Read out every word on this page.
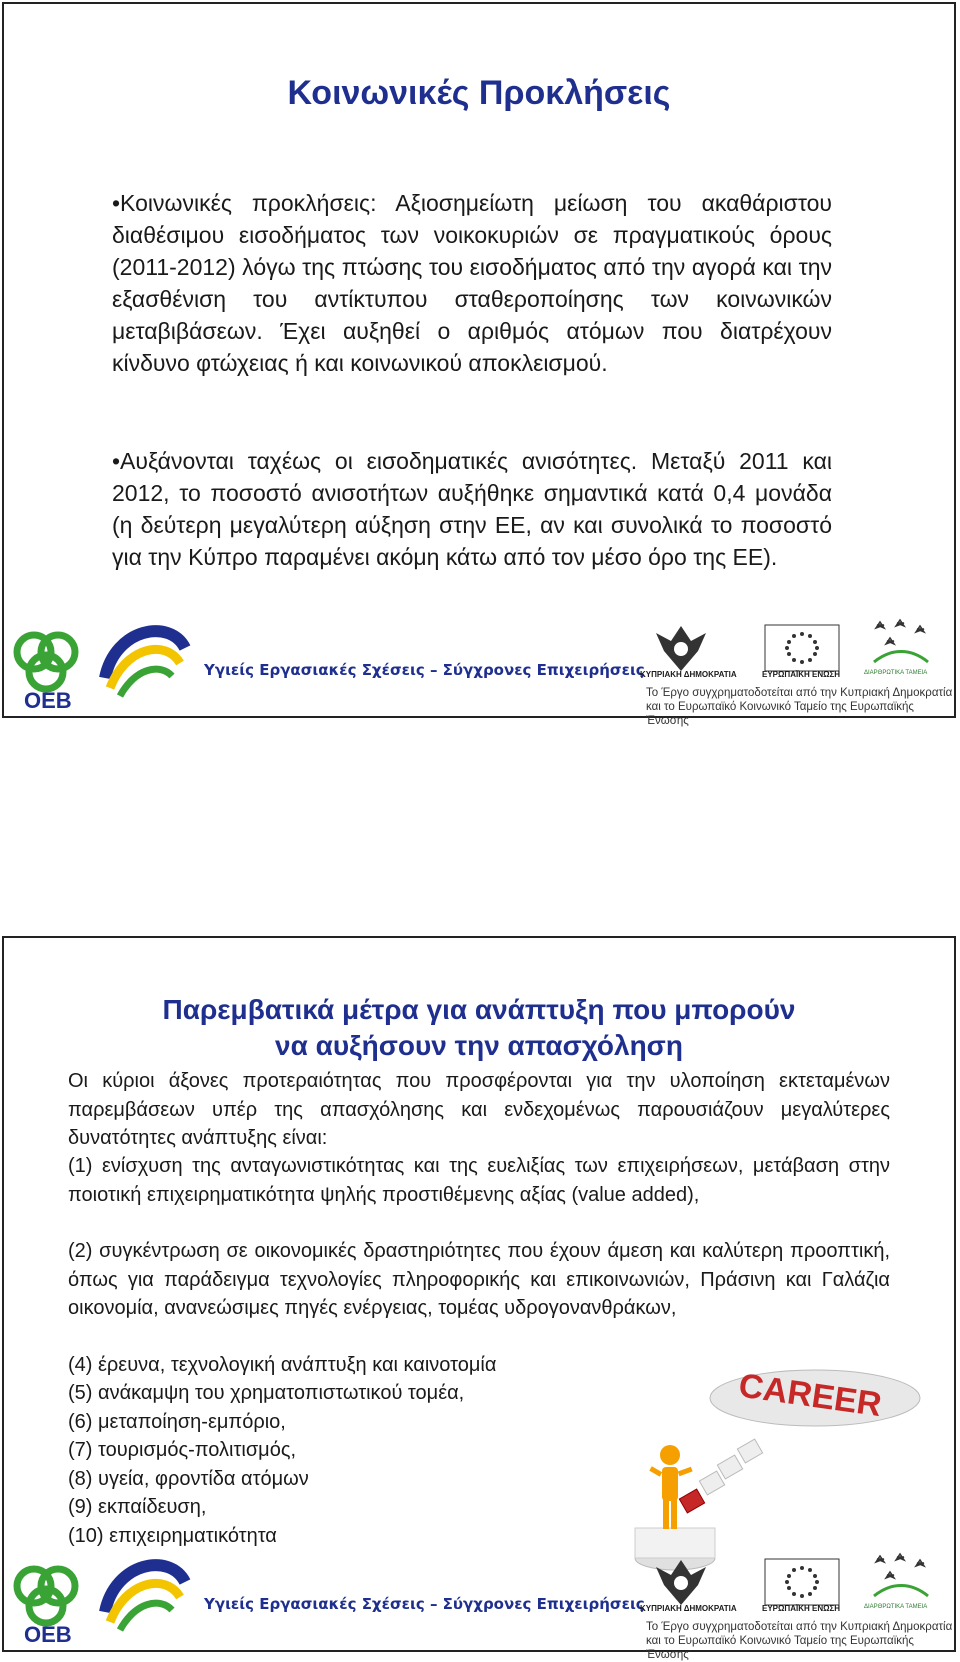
Κοινωνικές Προκλήσεις
•Κοινωνικές προκλήσεις: Αξιοσημείωτη μείωση του ακαθάριστου διαθέσιμου εισοδήματος των νοικοκυριών σε πραγματικούς όρους (2011-2012) λόγω της πτώσης του εισοδήματος από την αγορά και την εξασθένιση του αντίκτυπου σταθεροποίησης των κοινωνικών μεταβιβάσεων. Έχει αυξηθεί ο αριθμός ατόμων που διατρέχουν κίνδυνο φτώχειας ή και κοινωνικού αποκλεισμού.
•Αυξάνονται ταχέως οι εισοδηματικές ανισότητες. Μεταξύ 2011 και 2012, το ποσοστό ανισοτήτων αυξήθηκε σημαντικά κατά 0,4 μονάδα (η δεύτερη μεγαλύτερη αύξηση στην ΕΕ, αν και συνολικά το ποσοστό για την Κύπρο παραμένει ακόμη κάτω από τον μέσο όρο της ΕΕ).
ΟΕΒ
Υγιείς Εργασιακές Σχέσεις – Σύγχρονες Επιχειρήσεις
ΚΥΠΡΙΑΚΗ ΔΗΜΟΚΡΑΤΙΑ	ΕΥΡΩΠΑΪΚΗ ΕΝΩΣΗ	ΔΙΑΡΘΡΩΤΙΚΑ ΤΑΜΕΙΑ
Το Έργο συγχρηματοδοτείται από την Κυπριακή Δημοκρατία και το Ευρωπαϊκό Κοινωνικό Ταμείο της Ευρωπαϊκής Ένωσης
Παρεμβατικά μέτρα για ανάπτυξη που μπορούν
να αυξήσουν την απασχόληση
Οι κύριοι άξονες προτεραιότητας που προσφέρονται για την υλοποίηση εκτεταμένων παρεμβάσεων υπέρ της απασχόλησης και ενδεχομένως παρουσιάζουν μεγαλύτερες δυνατότητες ανάπτυξης είναι:
(1) ενίσχυση της ανταγωνιστικότητας και της ευελιξίας των επιχειρήσεων, μετάβαση στην ποιοτική επιχειρηματικότητα ψηλής προστιθέμενης αξίας (value added),
(2) συγκέντρωση σε οικονομικές δραστηριότητες που έχουν άμεση και καλύτερη προοπτική, όπως για παράδειγμα τεχνολογίες πληροφορικής και επικοινωνιών, Πράσινη και Γαλάζια οικονομία, ανανεώσιμες πηγές ενέργειας, τομέας υδρογονανθράκων,
(4) έρευνα, τεχνολογική ανάπτυξη και καινοτομία
(5) ανάκαμψη του χρηματοπιστωτικού τομέα,
(6) μεταποίηση-εμπόριο,
(7) τουρισμός-πολιτισμός,
(8) υγεία, φροντίδα ατόμων
(9) εκπαίδευση,
(10) επιχειρηματικότητα
CAREER
ΟΕΒ
Υγιείς Εργασιακές Σχέσεις – Σύγχρονες Επιχειρήσεις
ΚΥΠΡΙΑΚΗ ΔΗΜΟΚΡΑΤΙΑ	ΕΥΡΩΠΑΪΚΗ ΕΝΩΣΗ	ΔΙΑΡΘΡΩΤΙΚΑ ΤΑΜΕΙΑ
Το Έργο συγχρηματοδοτείται από την Κυπριακή Δημοκρατία και το Ευρωπαϊκό Κοινωνικό Ταμείο της Ευρωπαϊκής Ένωσης
